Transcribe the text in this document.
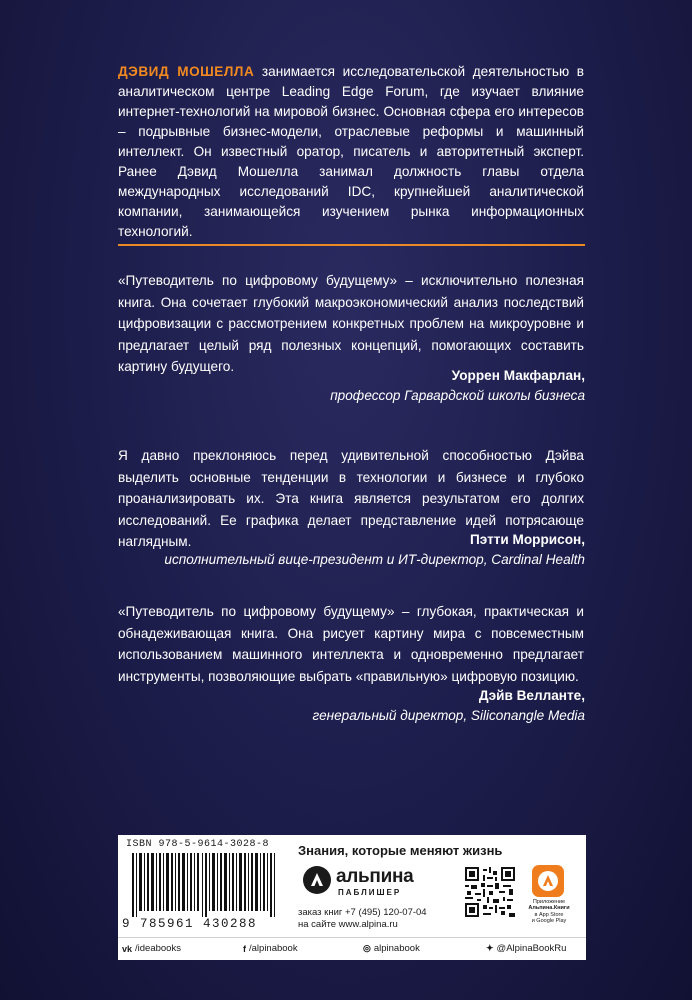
ДЭВИД МОШЕЛЛА занимается исследовательской деятельностью в аналитическом центре Leading Edge Forum, где изучает влияние интернет-технологий на мировой бизнес. Основная сфера его интересов – подрывные бизнес-модели, отраслевые реформы и машинный интеллект. Он известный оратор, писатель и авторитетный эксперт. Ранее Дэвид Мошелла занимал должность главы отдела международных исследований IDC, крупнейшей аналитической компании, занимающейся изучением рынка информационных технологий.
«Путеводитель по цифровому будущему» – исключительно полезная книга. Она сочетает глубокий макроэкономический анализ последствий цифровизации с рассмотрением конкретных проблем на микроуровне и предлагает целый ряд полезных концепций, помогающих составить картину будущего.
Уоррен Макфарлан,
профессор Гарвардской школы бизнеса
Я давно преклоняюсь перед удивительной способностью Дэйва выделить основные тенденции в технологии и бизнесе и глубоко проанализировать их. Эта книга является результатом его долгих исследований. Ее графика делает представление идей потрясающе наглядным.	Пэтти Моррисон,
исполнительный вице-президент и ИТ-директор, Cardinal Health
«Путеводитель по цифровому будущему» – глубокая, практическая и обнадеживающая книга. Она рисует картину мира с повсеместным использованием машинного интеллекта и одновременно предлагает инструменты, позволяющие выбрать «правильную» цифровую позицию.
Дэйв Велланте,
генеральный директор, Siliconangle Media
ISBN 978-5-9614-3028-8
9 785961 430288
Знания, которые меняют жизнь
альпина
ПАБЛИШЕР
заказ книг +7 (495) 120-07-04
на сайте www.alpina.ru
Приложение
Альпина.Книги
в App Store
и Google Play
vk /ideabooks	f /alpinabook	◎ alpinabook	✦ @AlpinaBookRu
